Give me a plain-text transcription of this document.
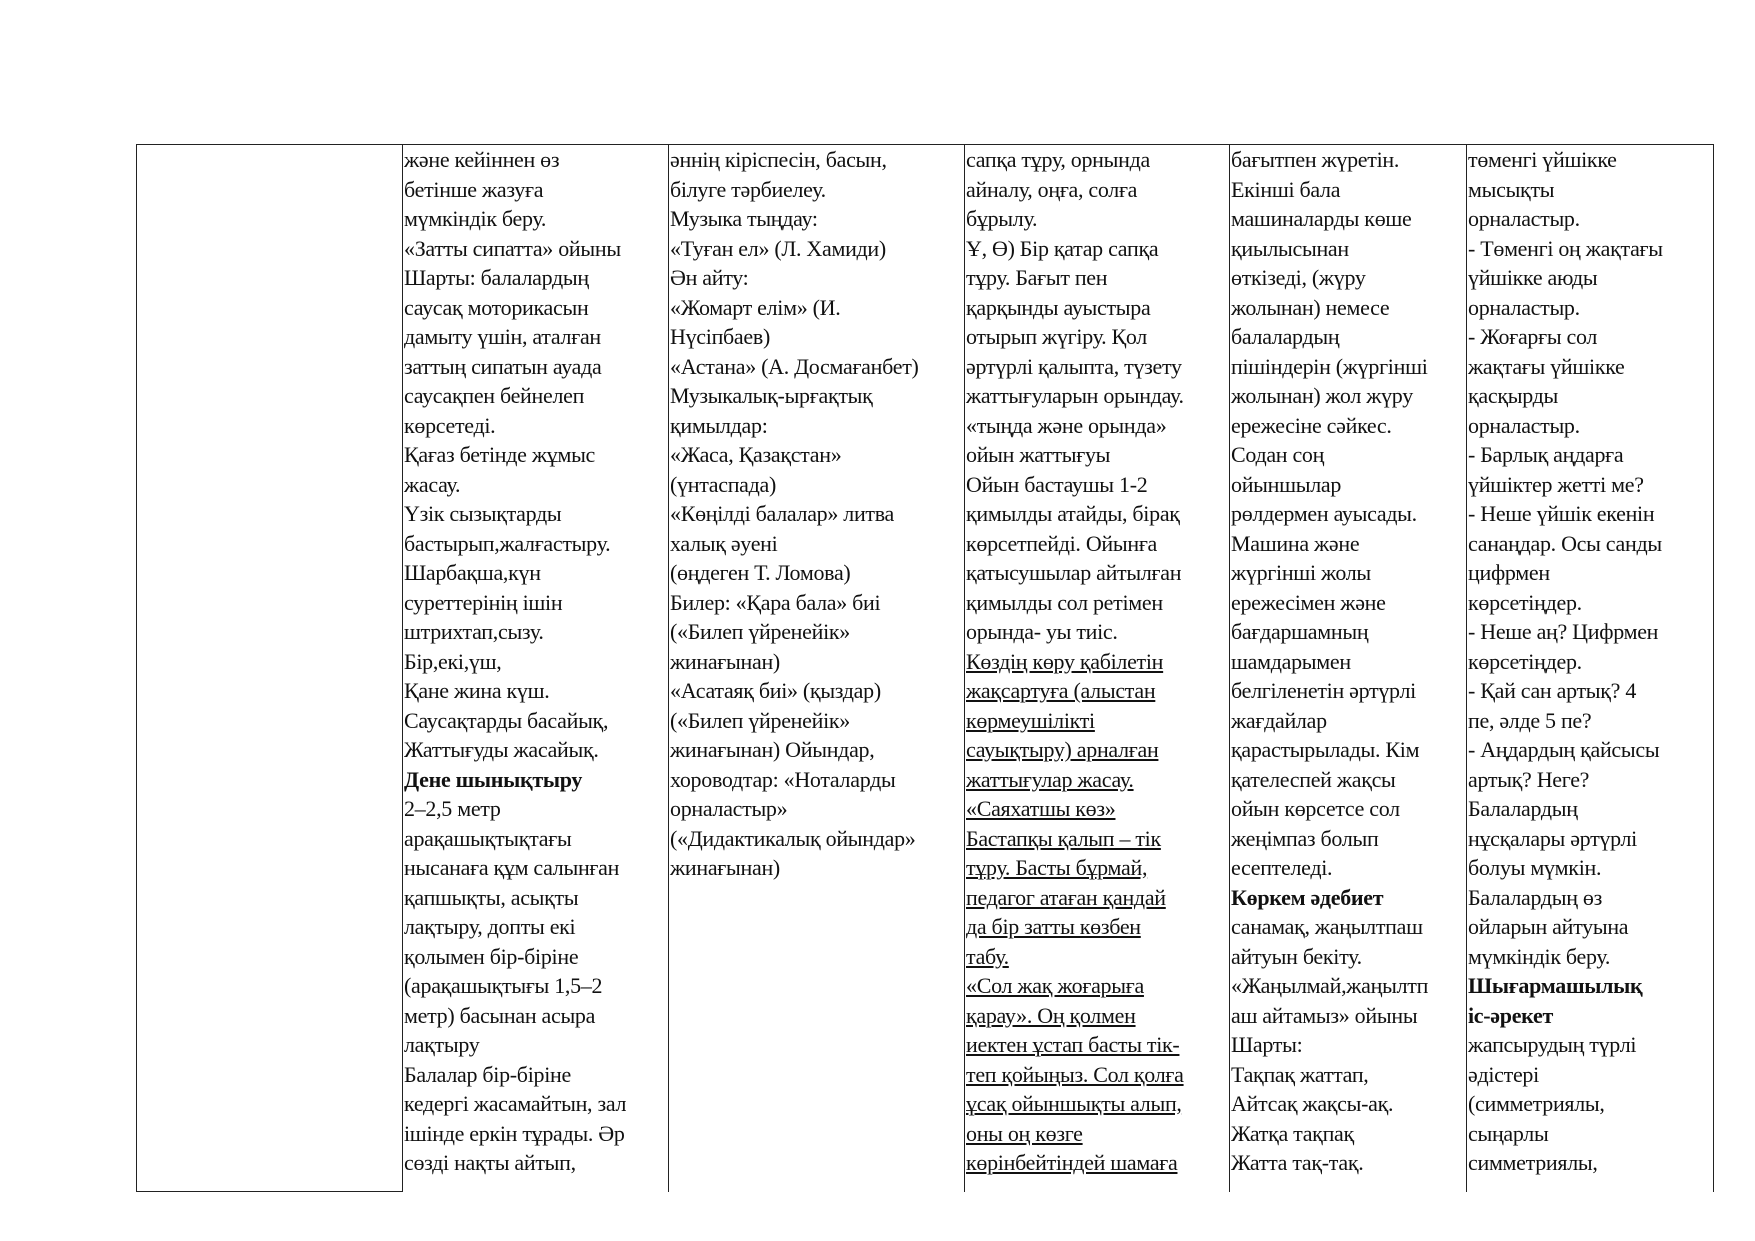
және кейіннен өз
бетінше жазуға
мүмкіндік беру.
«Затты сипатта» ойыны
Шарты: балалардың
саусақ моторикасын
дамыту үшін, аталған
заттың сипатын ауада
саусақпен бейнелеп
көрсетеді.
Қағаз бетінде жұмыс
жасау.
Үзік сызықтарды
бастырып,жалғастыру.
Шарбақша,күн
суреттерінің ішін
штрихтап,сызу.
Бір,екі,үш,
Қане жина күш.
Саусақтарды басайық,
Жаттығуды жасайық.
Дене шынықтыру
2–2,5 метр
арақашықтықтағы
нысанаға құм салынған
қапшықты, асықты
лақтыру, допты екі
қолымен бір-біріне
(арақашықтығы 1,5–2
метр) басынан асыра
лақтыру
Балалар бір-біріне
кедергі жасамайтын, зал
ішінде еркін тұрады. Әр
сөзді нақты айтып,
әннің кіріспесін, басын,
білуге тәрбиелеу.
Музыка тыңдау:
«Туған ел» (Л. Хамиди)
Ән айту:
«Жомарт елім» (И.
Нүсіпбаев)
«Астана» (А. Досмағанбет)
Музыкалық-ырғақтық
қимылдар:
«Жаса, Қазақстан»
(үнтаспада)
«Көңілді балалар» литва
халық әуені
(өңдеген Т. Ломова)
Билер: «Қара бала» биі
(«Билеп үйренейік»
жинағынан)
«Асатаяқ биі» (қыздар)
(«Билеп үйренейік»
жинағынан) Ойындар,
хороводтар: «Ноталарды
орналастыр»
(«Дидактикалық ойындар»
жинағынан)
сапқа тұру, орнында
айналу, оңға, солға
бұрылу.
Ұ, Ө) Бір қатар сапқа
тұру. Бағыт пен
қарқынды ауыстыра
отырып жүгіру. Қол
әртүрлі қалыпта, түзету
жаттығуларын орындау.
«тыңда және орында»
ойын жаттығуы
Ойын бастаушы 1-2
қимылды атайды, бірақ
көрсетпейді. Ойынға
қатысушылар айтылған
қимылды сол ретімен
орында- уы тиіс.
Көздің көру қабілетін
жақсартуға (алыстан
көрмеушілікті
сауықтыру) арналған
жаттығулар жасау.
«Саяхатшы көз»
Бастапқы қалып – тік
тұру. Басты бұрмай,
педагог атаған қандай
да бір затты көзбен
табу.
«Сол жақ жоғарыға
қарау». Оң қолмен
иектен ұстап басты тік-
теп қойыңыз. Сол қолға
ұсақ ойыншықты алып,
оны оң көзге
көрінбейтіндей шамаға
бағытпен жүретін.
Екінші бала
машиналарды көше
қиылысынан
өткізеді, (жүру
жолынан) немесе
балалардың
пішіндерін (жүргінші
жолынан) жол жүру
ережесіне сәйкес.
Содан соң
ойыншылар
рөлдермен ауысады.
Машина және
жүргінші жолы
ережесімен және
бағдаршамның
шамдарымен
белгіленетін әртүрлі
жағдайлар
қарастырылады. Кім
қателеспей жақсы
ойын көрсетсе сол
жеңімпаз болып
есептеледі.
Көркем әдебиет
санамақ, жаңылтпаш
айтуын бекіту.
«Жаңылмай,жаңылтп
аш айтамыз» ойыны
Шарты:
Тақпақ жаттап,
Айтсақ жақсы-ақ.
Жатқа тақпақ
Жатта тақ-тақ.
төменгі үйшікке
мысықты
орналастыр.
- Төменгі оң жақтағы
үйшікке аюды
орналастыр.
- Жоғарғы сол
жақтағы үйшікке
қасқырды
орналастыр.
- Барлық аңдарға
үйшіктер жетті ме?
- Неше үйшік екенін
санаңдар. Осы санды
цифрмен
көрсетіңдер.
- Неше аң? Цифрмен
көрсетіңдер.
- Қай сан артық? 4
пе, әлде 5 пе?
- Аңдардың қайсысы
артық? Неге?
Балалардың
нұсқалары әртүрлі
болуы мүмкін.
Балалардың өз
ойларын айтуына
мүмкіндік беру.
Шығармашылық
іс-әрекет
жапсырудың түрлі
әдістері
(симметриялы,
сыңарлы
симметриялы,
